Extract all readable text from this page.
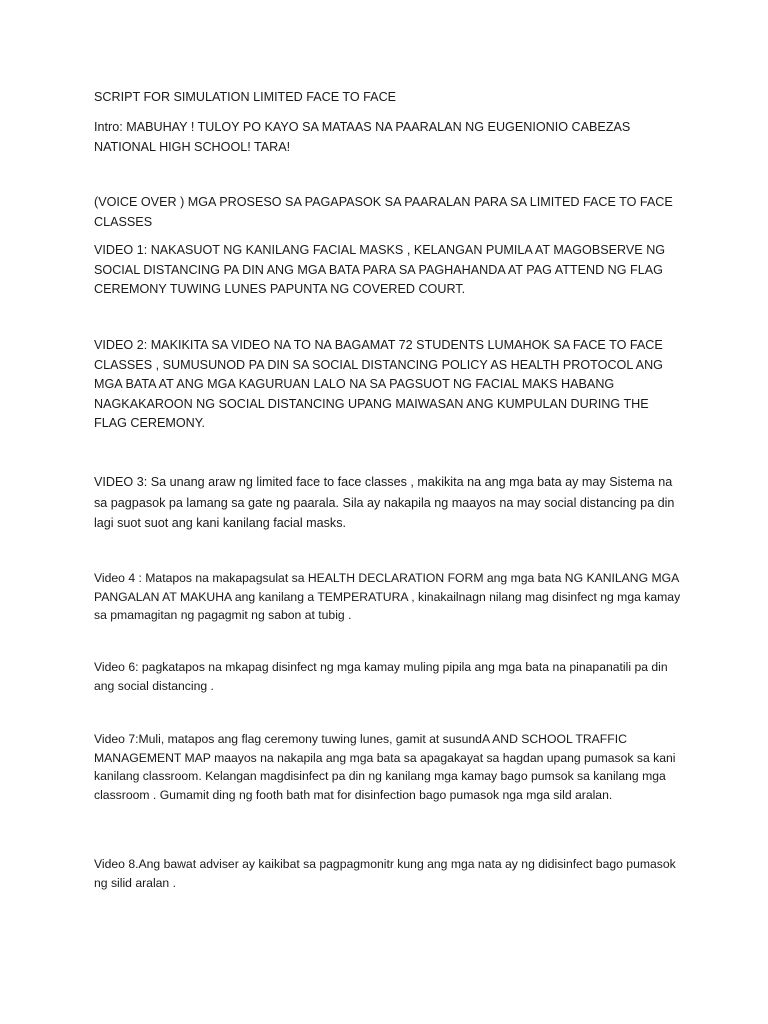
SCRIPT FOR SIMULATION LIMITED FACE TO FACE

Intro: MABUHAY ! TULOY PO KAYO SA MATAAS NA PAARALAN NG EUGENIONIO CABEZAS NATIONAL HIGH SCHOOL! TARA!

(VOICE OVER ) MGA PROSESO SA PAGAPASOK SA PAARALAN PARA SA LIMITED FACE TO FACE CLASSES

VIDEO 1: NAKASUOT NG KANILANG FACIAL MASKS , KELANGAN PUMILA AT MAGOBSERVE NG SOCIAL DISTANCING PA DIN ANG MGA BATA PARA SA PAGHAHANDA AT PAG ATTEND NG FLAG CEREMONY TUWING LUNES PAPUNTA NG COVERED COURT.

VIDEO 2: MAKIKITA SA VIDEO NA TO NA BAGAMAT 72 STUDENTS LUMAHOK SA FACE TO FACE CLASSES , SUMUSUNOD PA DIN SA SOCIAL DISTANCING POLICY AS HEALTH PROTOCOL ANG MGA BATA AT ANG MGA KAGURUAN LALO NA SA PAGSUOT NG FACIAL MAKS HABANG NAGKAKAROON NG SOCIAL DISTANCING UPANG MAIWASAN ANG KUMPULAN DURING THE FLAG CEREMONY.

VIDEO 3: Sa unang araw ng limited face to face classes , makikita na ang mga bata ay may Sistema na sa pagpasok pa lamang sa gate ng paarala. Sila ay nakapila ng maayos na may social distancing pa din lagi suot suot ang kani kanilang facial masks.

Video 4 : Matapos na makapagsulat sa HEALTH DECLARATION FORM ang mga bata NG KANILANG MGA PANGALAN AT MAKUHA ang kanilang a TEMPERATURA , kinakailnagn nilang mag disinfect ng mga kamay sa pmamagitan ng pagagmit ng sabon at tubig .

Video 6: pagkatapos na mkapag disinfect ng mga kamay muling pipila ang mga bata na pinapanatili pa din ang social distancing .

Video 7:Muli, matapos ang flag ceremony tuwing lunes, gamit at susundA AND SCHOOL TRAFFIC MANAGEMENT MAP maayos na nakapila ang mga bata sa apagakayat sa hagdan upang pumasok sa kani kanilang classroom. Kelangan magdisinfect pa din ng kanilang mga kamay bago pumsok sa kanilang mga classroom . Gumamit ding ng footh bath mat for disinfection bago pumasok nga mga sild aralan.

Video 8.Ang bawat adviser ay kaikibat sa pagpagmonitr kung ang mga nata ay ng didisinfect bago pumasok ng silid aralan .
